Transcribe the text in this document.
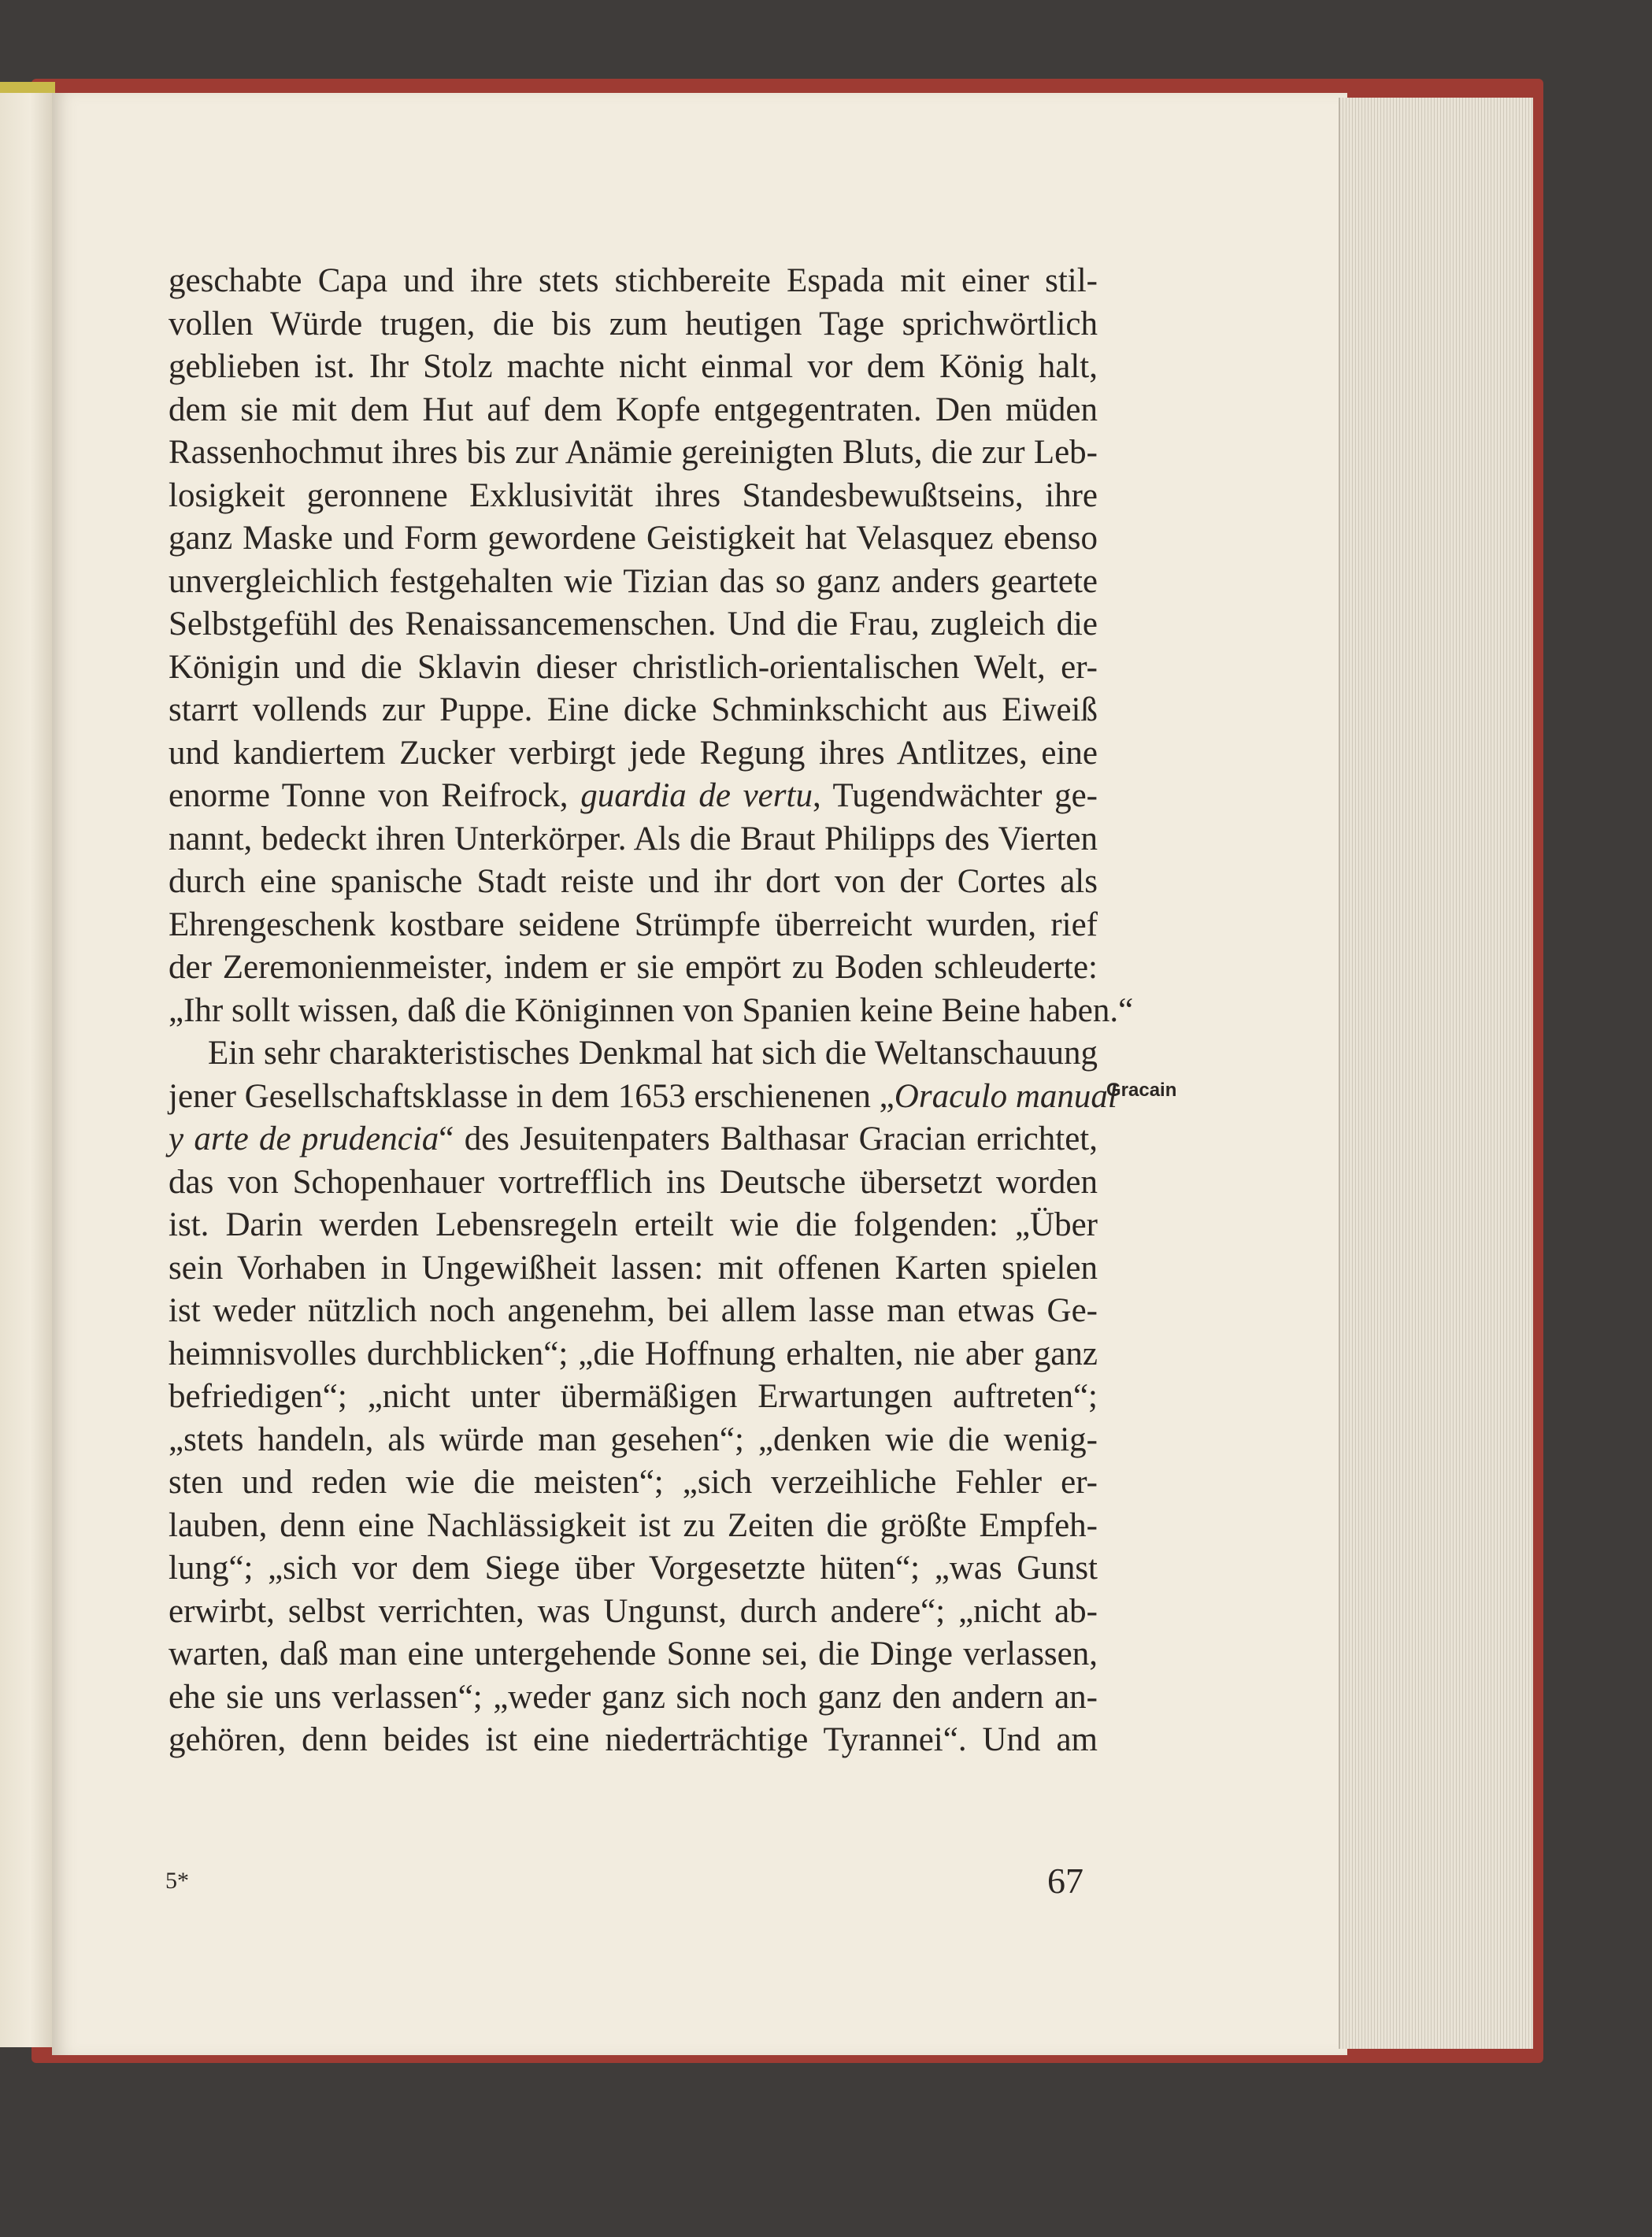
geschabte Capa und ihre stets stichbereite Espada mit einer stil-
vollen Würde trugen, die bis zum heutigen Tage sprichwörtlich
geblieben ist. Ihr Stolz machte nicht einmal vor dem König halt,
dem sie mit dem Hut auf dem Kopfe entgegentraten. Den müden
Rassenhochmut ihres bis zur Anämie gereinigten Bluts, die zur Leb-
losigkeit geronnene Exklusivität ihres Standesbewußtseins, ihre
ganz Maske und Form gewordene Geistigkeit hat Velasquez ebenso
unvergleichlich festgehalten wie Tizian das so ganz anders geartete
Selbstgefühl des Renaissancemenschen. Und die Frau, zugleich die
Königin und die Sklavin dieser christlich-orientalischen Welt, er-
starrt vollends zur Puppe. Eine dicke Schminkschicht aus Eiweiß
und kandiertem Zucker verbirgt jede Regung ihres Antlitzes, eine
enorme Tonne von Reifrock, guardia de vertu, Tugendwächter ge-
nannt, bedeckt ihren Unterkörper. Als die Braut Philipps des Vierten
durch eine spanische Stadt reiste und ihr dort von der Cortes als
Ehrengeschenk kostbare seidene Strümpfe überreicht wurden, rief
der Zeremonienmeister, indem er sie empört zu Boden schleuderte:
„Ihr sollt wissen, daß die Königinnen von Spanien keine Beine haben.“
Ein sehr charakteristisches Denkmal hat sich die Weltanschauung
jener Gesellschaftsklasse in dem 1653 erschienenen „Oraculo manual
y arte de prudencia“ des Jesuitenpaters Balthasar Gracian errichtet,
das von Schopenhauer vortrefflich ins Deutsche übersetzt worden
ist. Darin werden Lebensregeln erteilt wie die folgenden: „Über
sein Vorhaben in Ungewißheit lassen: mit offenen Karten spielen
ist weder nützlich noch angenehm, bei allem lasse man etwas Ge-
heimnisvolles durchblicken“; „die Hoffnung erhalten, nie aber ganz
befriedigen“; „nicht unter übermäßigen Erwartungen auftreten“;
„stets handeln, als würde man gesehen“; „denken wie die wenig-
sten und reden wie die meisten“; „sich verzeihliche Fehler er-
lauben, denn eine Nachlässigkeit ist zu Zeiten die größte Empfeh-
lung“; „sich vor dem Siege über Vorgesetzte hüten“; „was Gunst
erwirbt, selbst verrichten, was Ungunst, durch andere“; „nicht ab-
warten, daß man eine untergehende Sonne sei, die Dinge verlassen,
ehe sie uns verlassen“; „weder ganz sich noch ganz den andern an-
gehören, denn beides ist eine niederträchtige Tyrannei“. Und am
Gracain
5*	67
